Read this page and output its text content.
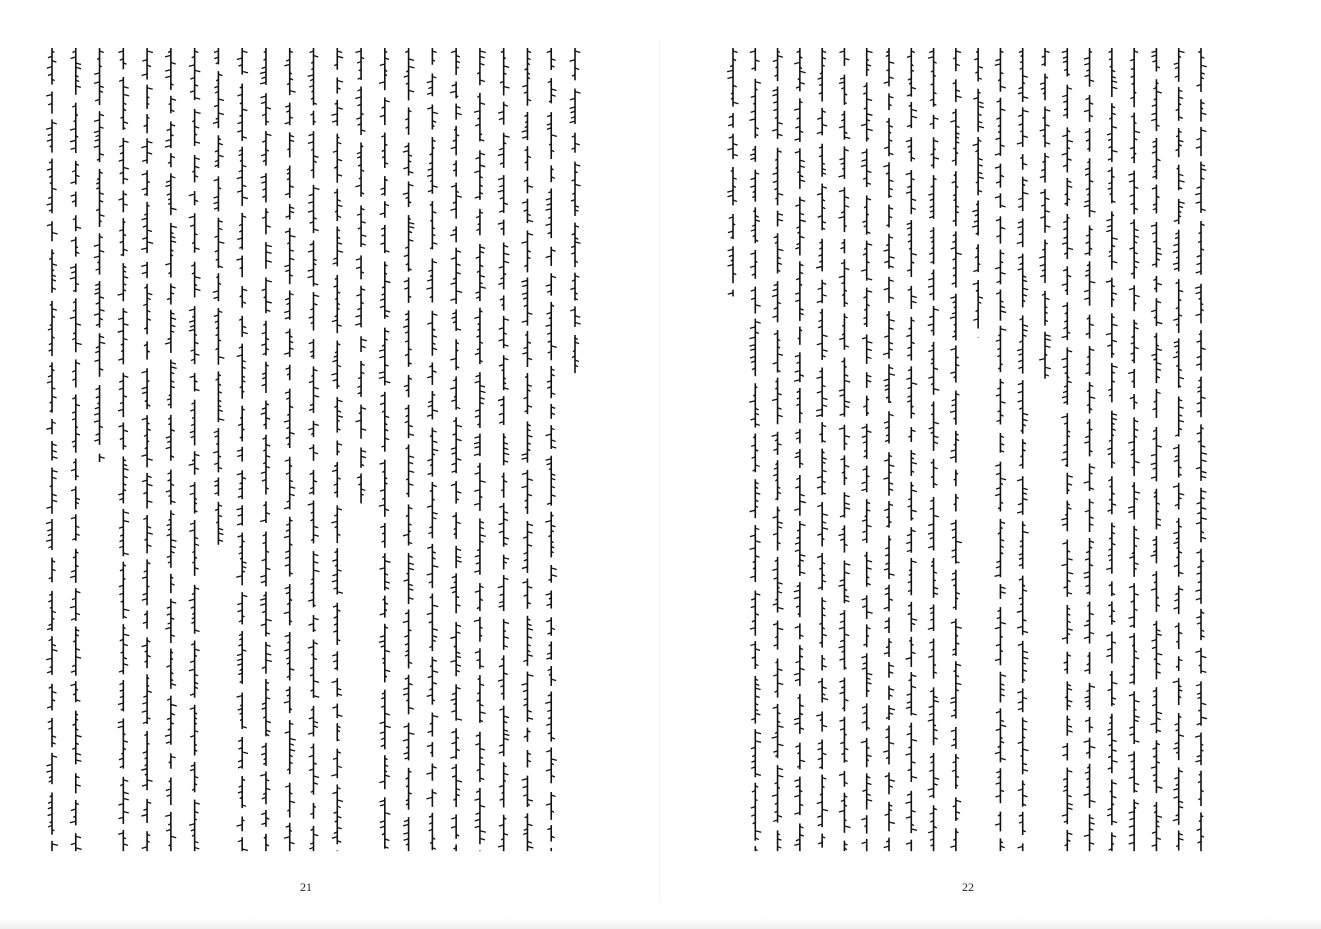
21	22
